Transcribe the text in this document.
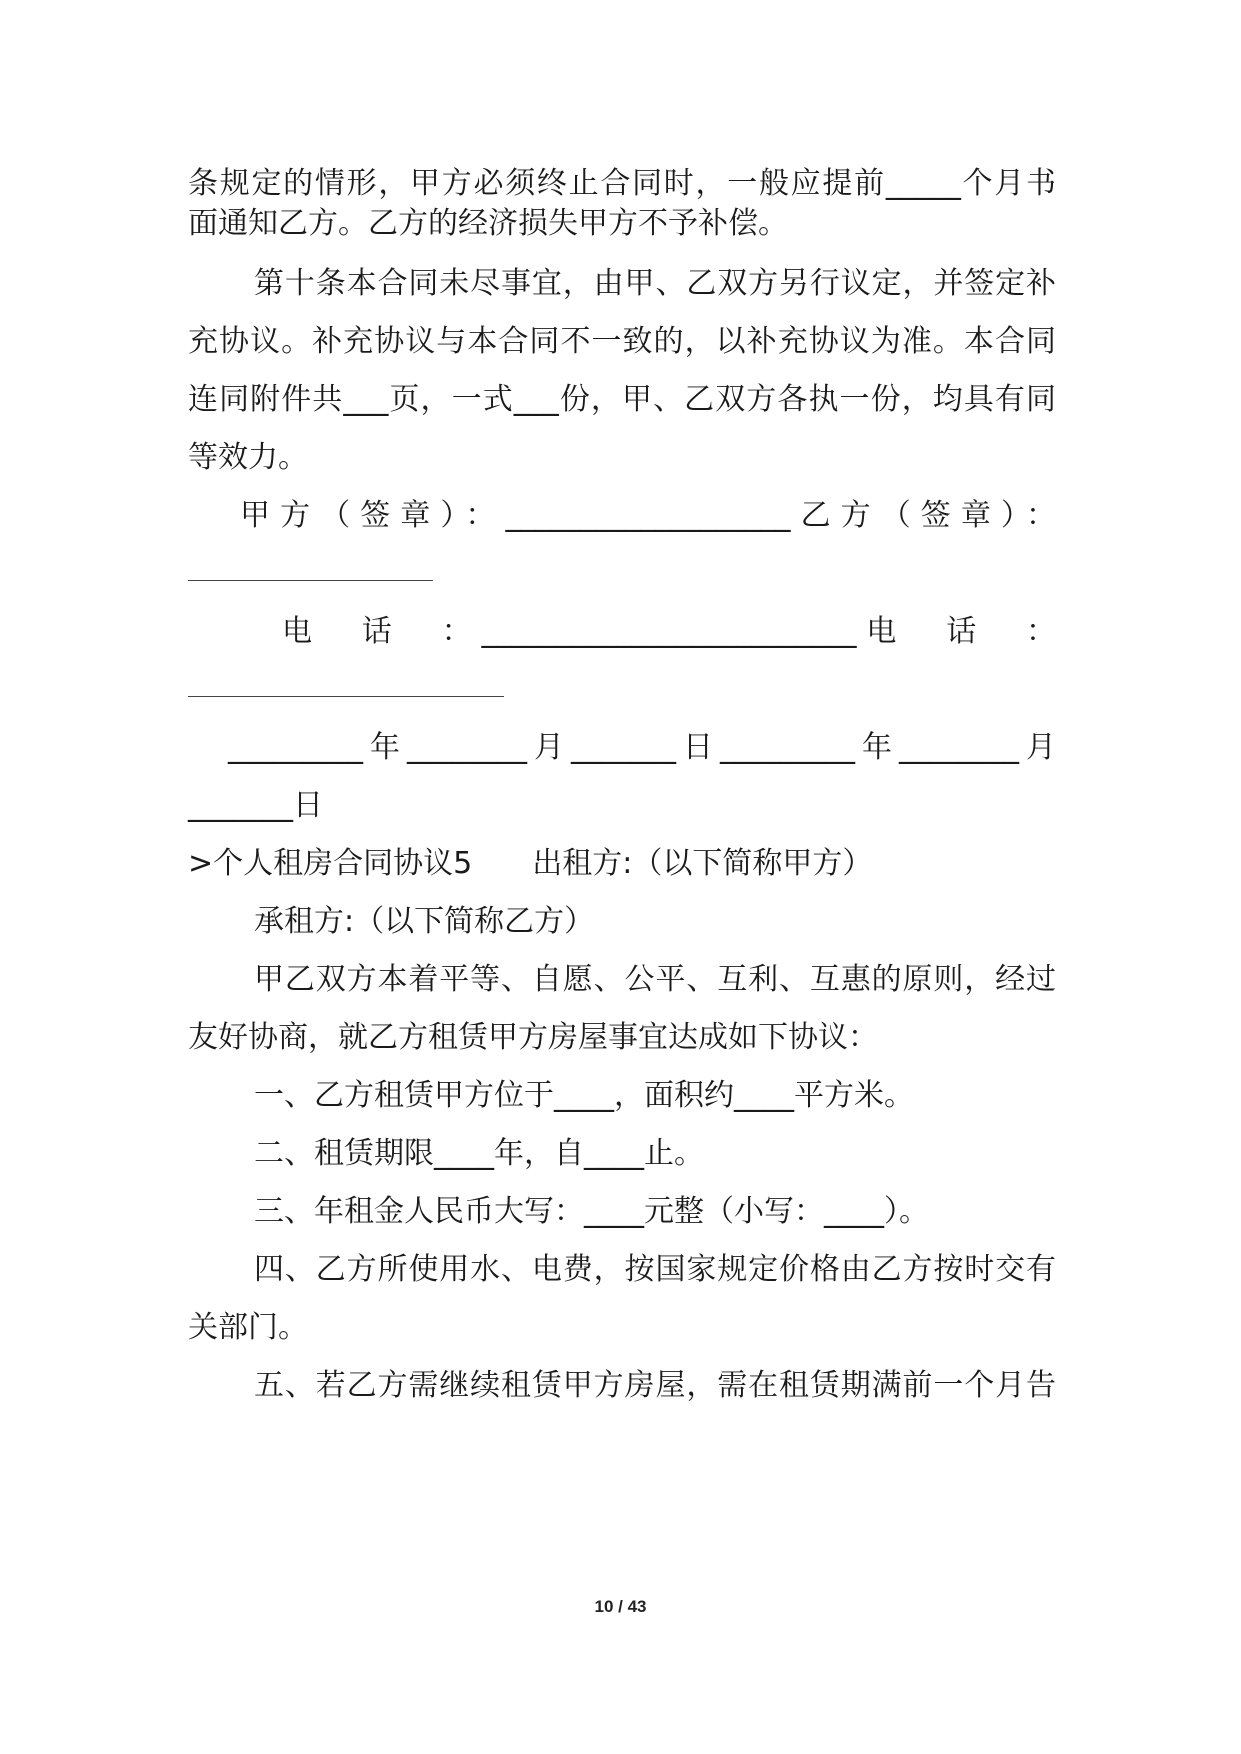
条规定的情形，甲方必须终止合同时，一般应提前_____个月书
面通知乙方。乙方的经济损失甲方不予补偿。
第十条本合同未尽事宜，由甲、乙双方另行议定，并签定补
充协议。补充协议与本合同不一致的，以补充协议为准。本合同
连同附件共___页，一式___份，甲、乙双方各执一份，均具有同
等效力。
甲方（签章）：___________________乙方（签章）：
电　话　：_________________________电　话　：
_________年________月_______日_________年________月
_______日
>个人租房合同协议5　　出租方:（以下简称甲方）
承租方:（以下简称乙方）
甲乙双方本着平等、自愿、公平、互利、互惠的原则，经过
友好协商，就乙方租赁甲方房屋事宜达成如下协议：
一、乙方租赁甲方位于____，面积约____平方米。
二、租赁期限____年，自____止。
三、年租金人民币大写：____元整（小写：____）。
四、乙方所使用水、电费，按国家规定价格由乙方按时交有
关部门。
五、若乙方需继续租赁甲方房屋，需在租赁期满前一个月告
10 / 43
